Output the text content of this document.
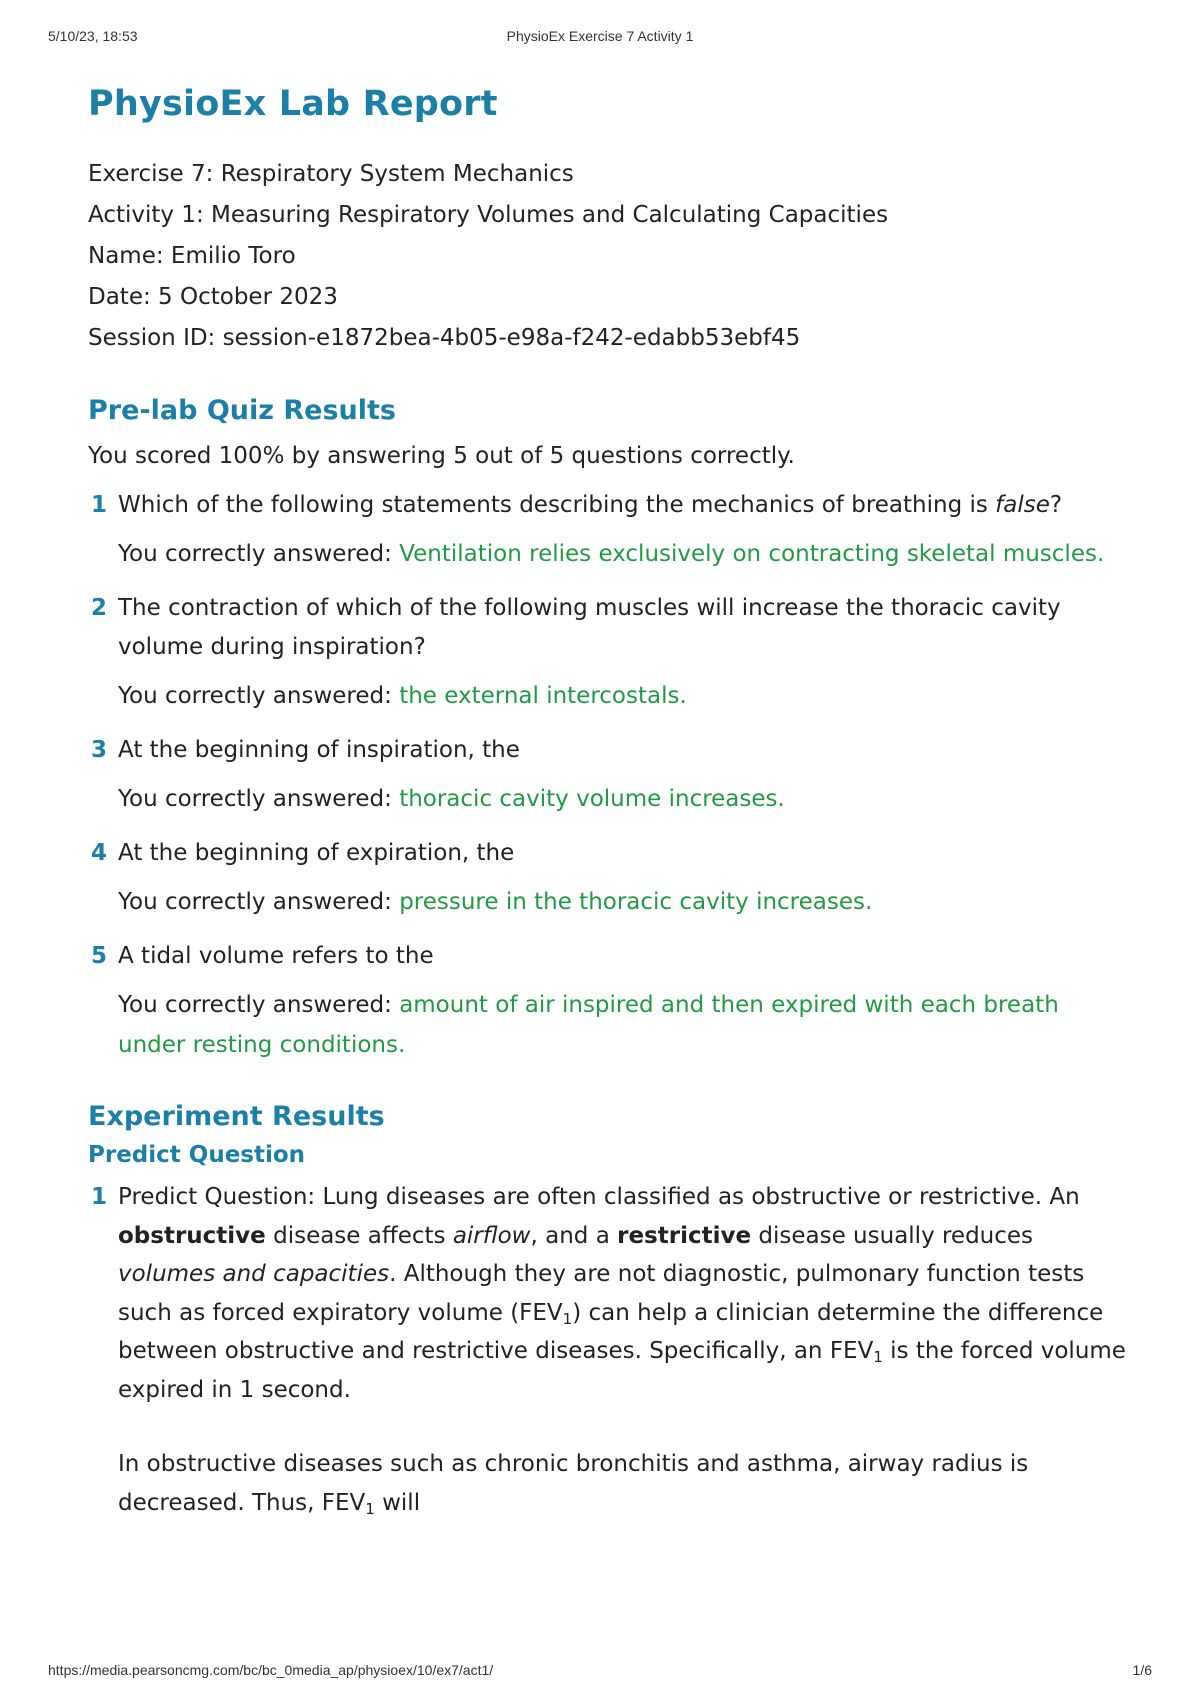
5/10/23, 18:53	PhysioEx Exercise 7 Activity 1
PhysioEx Lab Report

Exercise 7: Respiratory System Mechanics

Activity 1: Measuring Respiratory Volumes and Calculating Capacities

Name: Emilio Toro

Date: 5 October 2023

Session ID: session-e1872bea-4b05-e98a-f242-edabb53ebf45

Pre-lab Quiz Results

You scored 100% by answering 5 out of 5 questions correctly.

1 Which of the following statements describing the mechanics of breathing is false?

You correctly answered: Ventilation relies exclusively on contracting skeletal muscles.

2 The contraction of which of the following muscles will increase the thoracic cavity volume during inspiration?

You correctly answered: the external intercostals.

3 At the beginning of inspiration, the

You correctly answered: thoracic cavity volume increases.

4 At the beginning of expiration, the

You correctly answered: pressure in the thoracic cavity increases.

5 A tidal volume refers to the

You correctly answered: amount of air inspired and then expired with each breath under resting conditions.

Experiment Results
Predict Question
1 Predict Question: Lung diseases are often classified as obstructive or restrictive. An obstructive disease affects airflow, and a restrictive disease usually reduces volumes and capacities. Although they are not diagnostic, pulmonary function tests such as forced expiratory volume $(FEV_1)$ can help a clinician determine the difference between obstructive and restrictive diseases. Specifically, an $FEV_1$ is the forced volume expired in 1 second.

In obstructive diseases such as chronic bronchitis and asthma, airway radius is decreased. Thus, $FEV_1$ will

https://media.pearsoncmg.com/bc/bc_0media_ap/physioex/10/ex7/act1/	1/6
